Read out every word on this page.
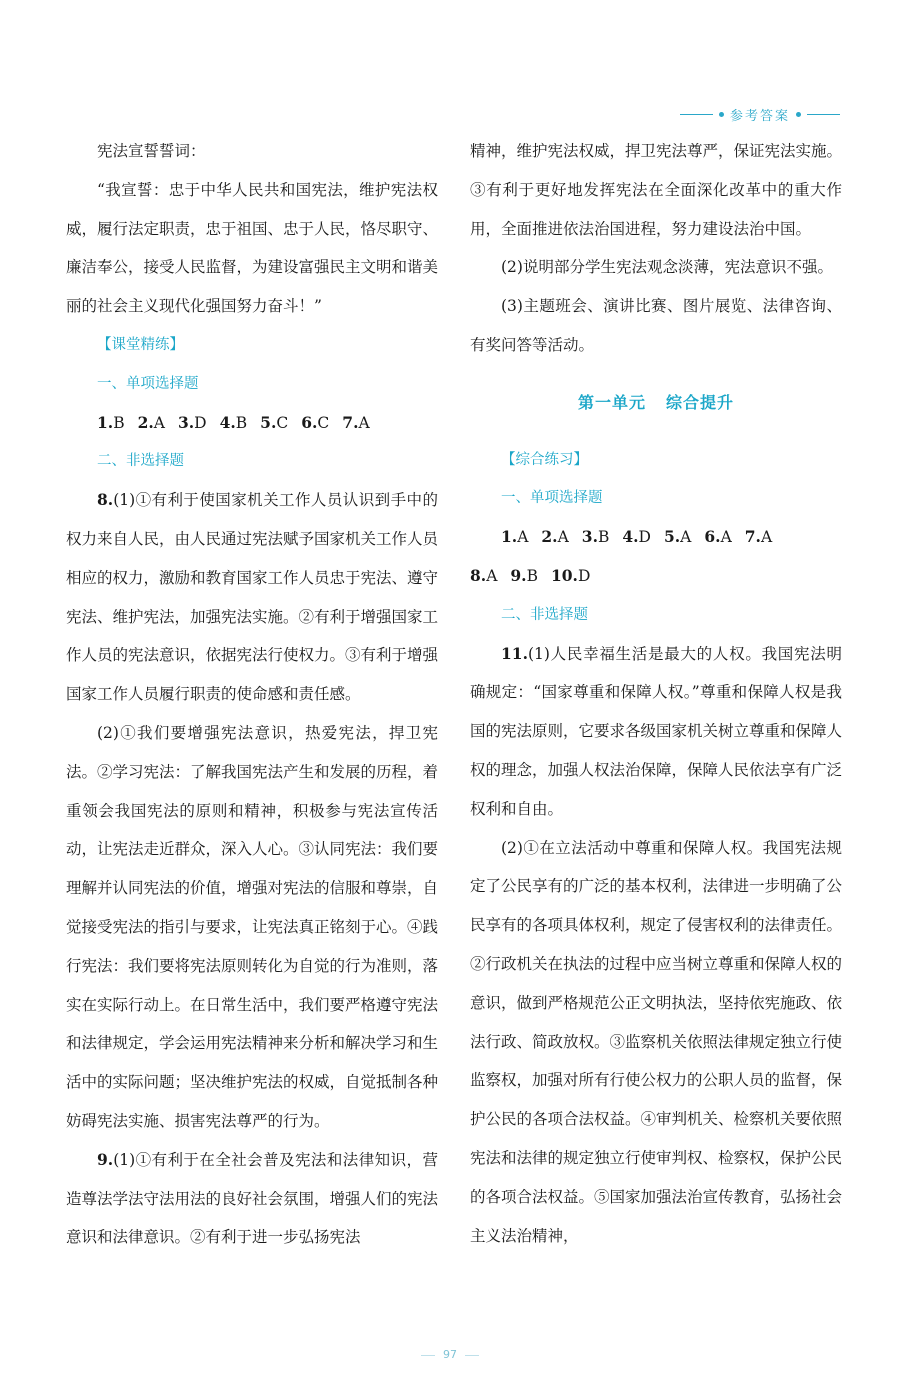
参考答案

宪法宣誓誓词：

“我宣誓：忠于中华人民共和国宪法，维护宪法权威，履行法定职责，忠于祖国、忠于人民，恪尽职守、廉洁奉公，接受人民监督，为建设富强民主文明和谐美丽的社会主义现代化强国努力奋斗！”

【课堂精练】
一、单项选择题

1.B 2.A 3.D 4.B 5.C 6.C 7.A

二、非选择题

8.(1)①有利于使国家机关工作人员认识到手中的权力来自人民，由人民通过宪法赋予国家机关工作人员相应的权力，激励和教育国家工作人员忠于宪法、遵守宪法、维护宪法，加强宪法实施。②有利于增强国家工作人员的宪法意识，依据宪法行使权力。③有利于增强国家工作人员履行职责的使命感和责任感。

(2)①我们要增强宪法意识，热爱宪法，捍卫宪法。②学习宪法：了解我国宪法产生和发展的历程，着重领会我国宪法的原则和精神，积极参与宪法宣传活动，让宪法走近群众，深入人心。③认同宪法：我们要理解并认同宪法的价值，增强对宪法的信服和尊崇，自觉接受宪法的指引与要求，让宪法真正铭刻于心。④践行宪法：我们要将宪法原则转化为自觉的行为准则，落实在实际行动上。在日常生活中，我们要严格遵守宪法和法律规定，学会运用宪法精神来分析和解决学习和生活中的实际问题；坚决维护宪法的权威，自觉抵制各种妨碍宪法实施、损害宪法尊严的行为。

9.(1)①有利于在全社会普及宪法和法律知识，营造尊法学法守法用法的良好社会氛围，增强人们的宪法意识和法律意识。②有利于进一步弘扬宪法

精神，维护宪法权威，捍卫宪法尊严，保证宪法实施。③有利于更好地发挥宪法在全面深化改革中的重大作用，全面推进依法治国进程，努力建设法治中国。

(2)说明部分学生宪法观念淡薄，宪法意识不强。

(3)主题班会、演讲比赛、图片展览、法律咨询、有奖问答等活动。

第一单元 综合提升
【综合练习】
一、单项选择题

1.A 2.A 3.B 4.D 5.A 6.A 7.A

8.A 9.B 10.D

二、非选择题

11.(1)人民幸福生活是最大的人权。我国宪法明确规定：“国家尊重和保障人权。”尊重和保障人权是我国的宪法原则，它要求各级国家机关树立尊重和保障人权的理念，加强人权法治保障，保障人民依法享有广泛权利和自由。

(2)①在立法活动中尊重和保障人权。我国宪法规定了公民享有的广泛的基本权利，法律进一步明确了公民享有的各项具体权利，规定了侵害权利的法律责任。②行政机关在执法的过程中应当树立尊重和保障人权的意识，做到严格规范公正文明执法，坚持依宪施政、依法行政、简政放权。③监察机关依照法律规定独立行使监察权，加强对所有行使公权力的公职人员的监督，保护公民的各项合法权益。④审判机关、检察机关要依照宪法和法律的规定独立行使审判权、检察权，保护公民的各项合法权益。⑤国家加强法治宣传教育，弘扬社会主义法治精神，

97
